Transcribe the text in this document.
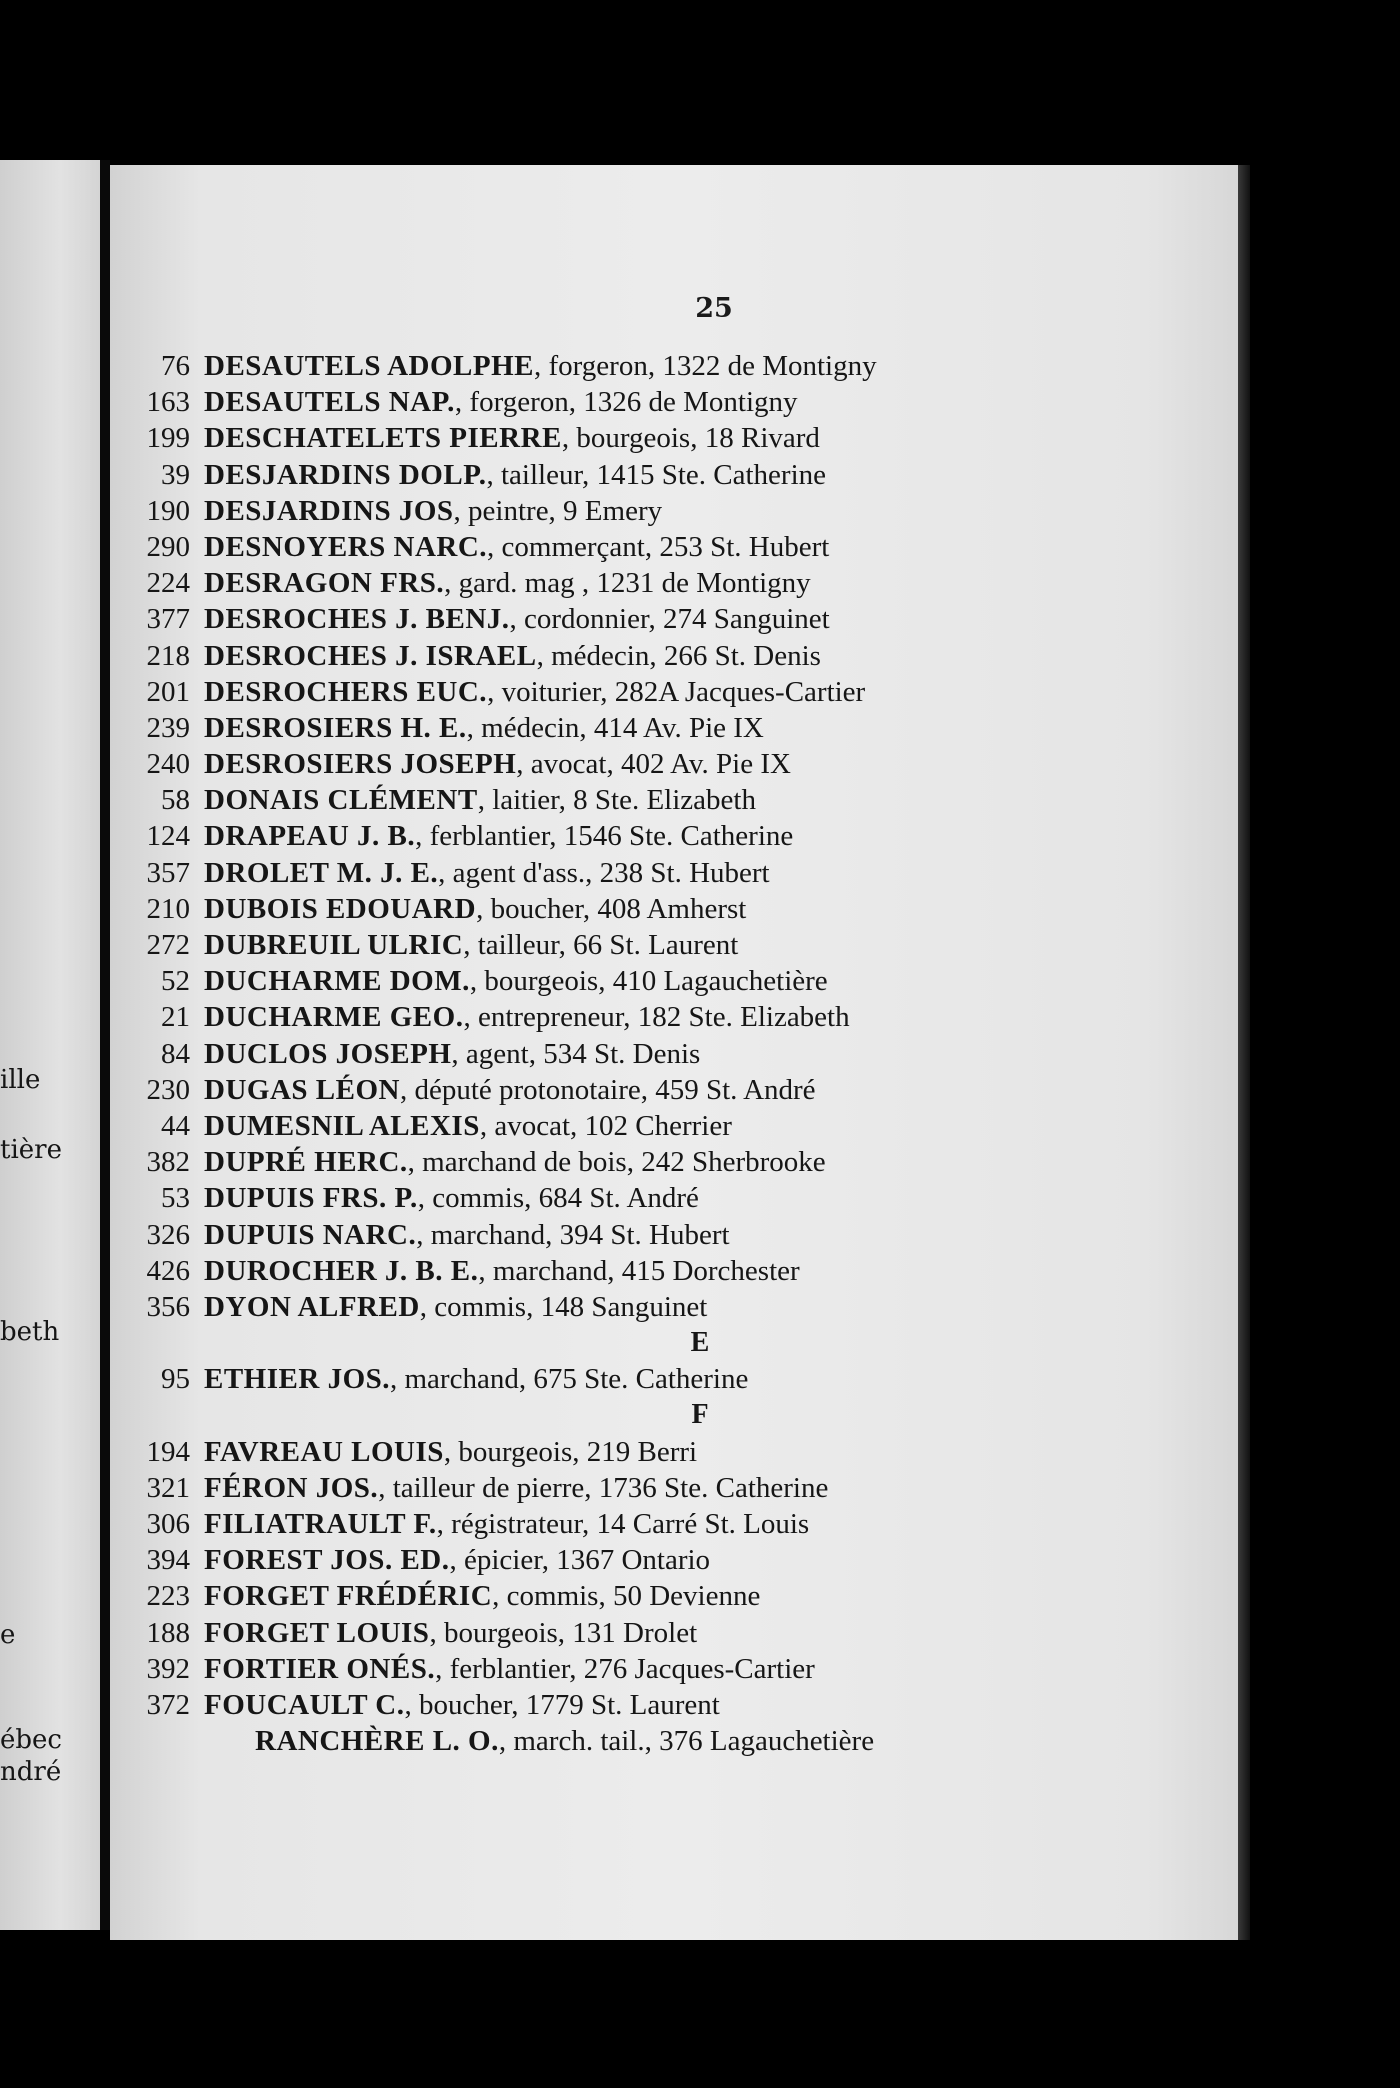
ille
tière
beth
e
ébec
ndré
25
76 DESAUTELS ADOLPHE, forgeron, 1322 de Montigny
163 DESAUTELS NAP., forgeron, 1326 de Montigny
199 DESCHATELETS PIERRE, bourgeois, 18 Rivard
39 DESJARDINS DOLP., tailleur, 1415 Ste. Catherine
190 DESJARDINS JOS, peintre, 9 Emery
290 DESNOYERS NARC., commerçant, 253 St. Hubert
224 DESRAGON FRS., gard. mag , 1231 de Montigny
377 DESROCHES J. BENJ., cordonnier, 274 Sanguinet
218 DESROCHES J. ISRAEL, médecin, 266 St. Denis
201 DESROCHERS EUC., voiturier, 282A Jacques-Cartier
239 DESROSIERS H. E., médecin, 414 Av. Pie IX
240 DESROSIERS JOSEPH, avocat, 402 Av. Pie IX
58 DONAIS CLÉMENT, laitier, 8 Ste. Elizabeth
124 DRAPEAU J. B., ferblantier, 1546 Ste. Catherine
357 DROLET M. J. E., agent d'ass., 238 St. Hubert
210 DUBOIS EDOUARD, boucher, 408 Amherst
272 DUBREUIL ULRIC, tailleur, 66 St. Laurent
52 DUCHARME DOM., bourgeois, 410 Lagauchetière
21 DUCHARME GEO., entrepreneur, 182 Ste. Elizabeth
84 DUCLOS JOSEPH, agent, 534 St. Denis
230 DUGAS LÉON, député protonotaire, 459 St. André
44 DUMESNIL ALEXIS, avocat, 102 Cherrier
382 DUPRÉ HERC., marchand de bois, 242 Sherbrooke
53 DUPUIS FRS. P., commis, 684 St. André
326 DUPUIS NARC., marchand, 394 St. Hubert
426 DUROCHER J. B. E., marchand, 415 Dorchester
356 DYON ALFRED, commis, 148 Sanguinet
E
95 ETHIER JOS., marchand, 675 Ste. Catherine
F
194 FAVREAU LOUIS, bourgeois, 219 Berri
321 FÉRON JOS., tailleur de pierre, 1736 Ste. Catherine
306 FILIATRAULT F., régistrateur, 14 Carré St. Louis
394 FOREST JOS. ED., épicier, 1367 Ontario
223 FORGET FRÉDÉRIC, commis, 50 Devienne
188 FORGET LOUIS, bourgeois, 131 Drolet
392 FORTIER ONÉS., ferblantier, 276 Jacques-Cartier
372 FOUCAULT C., boucher, 1779 St. Laurent
RANCHÈRE L. O., march. tail., 376 Lagauchetière
